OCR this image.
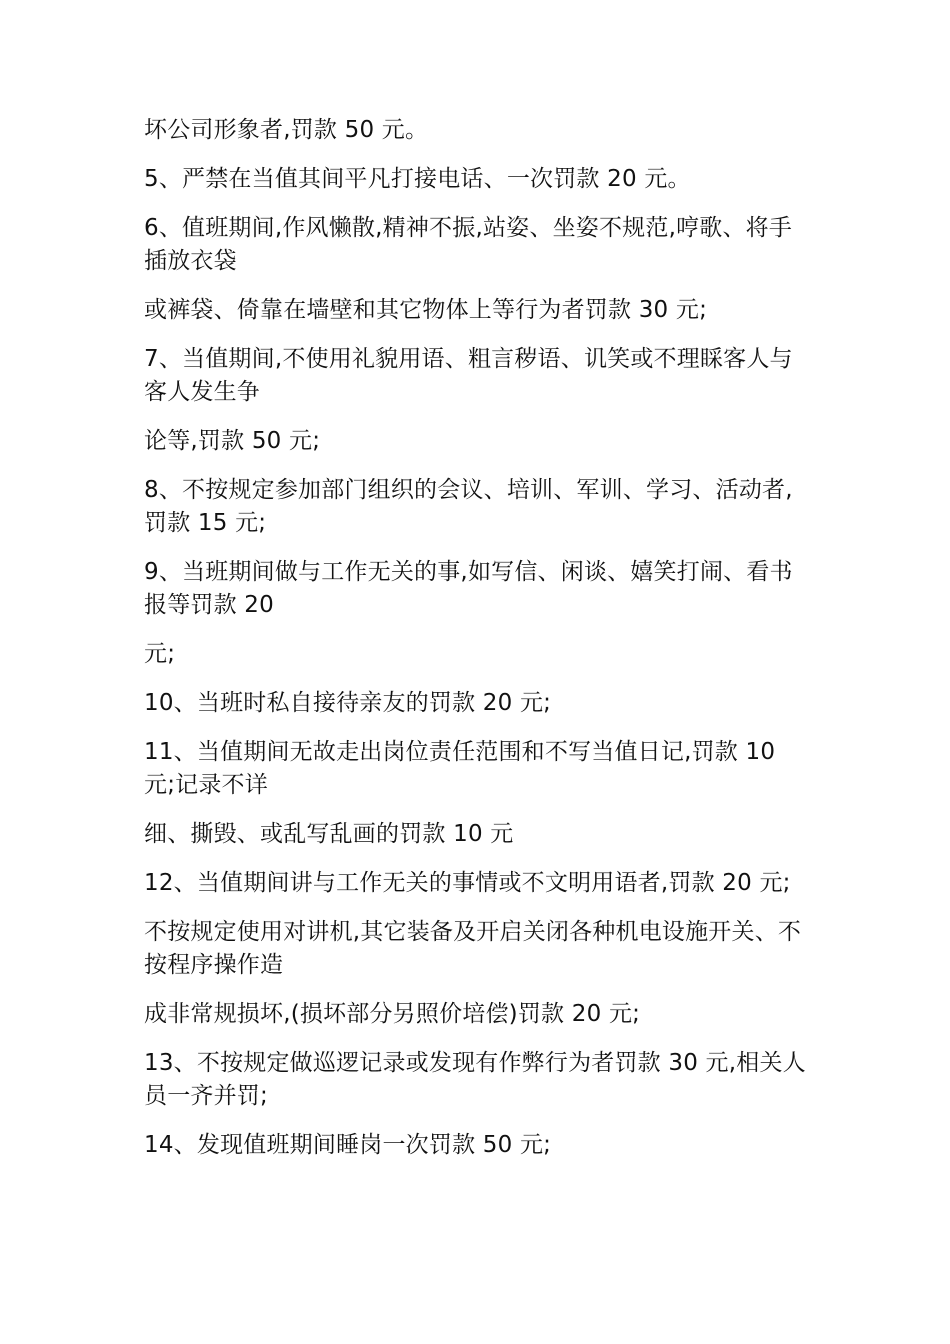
坏公司形象者,罚款 50 元。

5、严禁在当值其间平凡打接电话、一次罚款 20 元。

6、值班期间,作风懒散,精神不振,站姿、坐姿不规范,哼歌、将手插放衣袋

或裤袋、倚靠在墙壁和其它物体上等行为者罚款 30 元;

7、当值期间,不使用礼貌用语、粗言秽语、讥笑或不理睬客人与客人发生争

论等,罚款 50 元;

8、不按规定参加部门组织的会议、培训、军训、学习、活动者,罚款 15 元;

9、当班期间做与工作无关的事,如写信、闲谈、嬉笑打闹、看书报等罚款 20

元;

10、当班时私自接待亲友的罚款 20 元;

11、当值期间无故走出岗位责任范围和不写当值日记,罚款 10 元;记录不详

细、撕毁、或乱写乱画的罚款 10 元

12、当值期间讲与工作无关的事情或不文明用语者,罚款 20 元;

不按规定使用对讲机,其它装备及开启关闭各种机电设施开关、不按程序操作造

成非常规损坏,(损坏部分另照价培偿)罚款 20 元;

13、不按规定做巡逻记录或发现有作弊行为者罚款 30 元,相关人员一齐并罚;

14、发现值班期间睡岗一次罚款 50 元;
